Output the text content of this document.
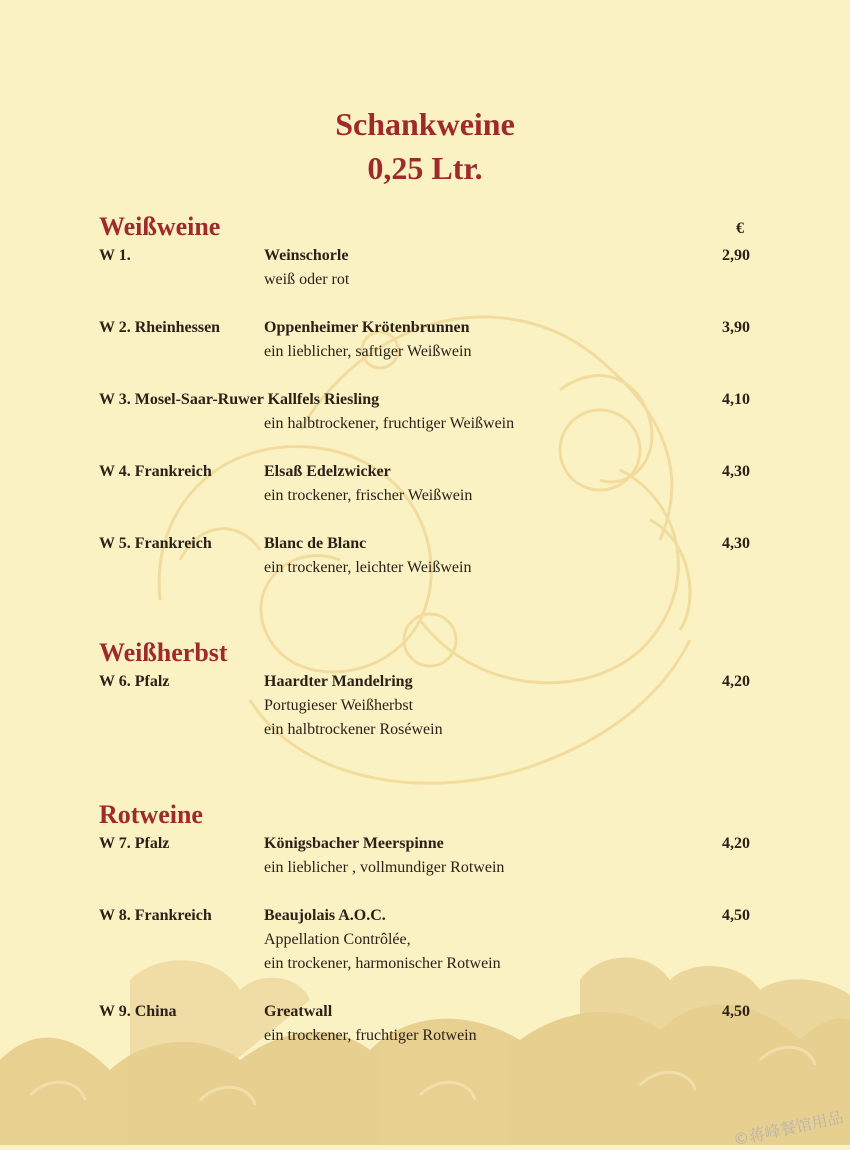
Schankweine
0,25 Ltr.
Weißweine	€
W 1.	Weinschorle	2,90
weiß oder rot
W 2. Rheinhessen	Oppenheimer Krötenbrunnen	3,90
ein lieblicher, saftiger Weißwein
W 3. Mosel-Saar-Ruwer Kallfels Riesling	4,10
ein halbtrockener, fruchtiger Weißwein
W 4. Frankreich	Elsaß Edelzwicker	4,30
ein trockener, frischer Weißwein
W 5. Frankreich	Blanc de Blanc	4,30
ein trockener, leichter Weißwein
Weißherbst
W 6. Pfalz	Haardter Mandelring	4,20
Portugieser Weißherbst
ein halbtrockener Roséwein
Rotweine
W 7. Pfalz	Königsbacher Meerspinne	4,20
ein lieblicher , vollmundiger Rotwein
W 8. Frankreich	Beaujolais A.O.C.	4,50
Appellation Contrôlée,
ein trockener, harmonischer Rotwein
W 9. China	Greatwall	4,50
ein trockener, fruchtiger Rotwein
©蒋峰餐馆用品
